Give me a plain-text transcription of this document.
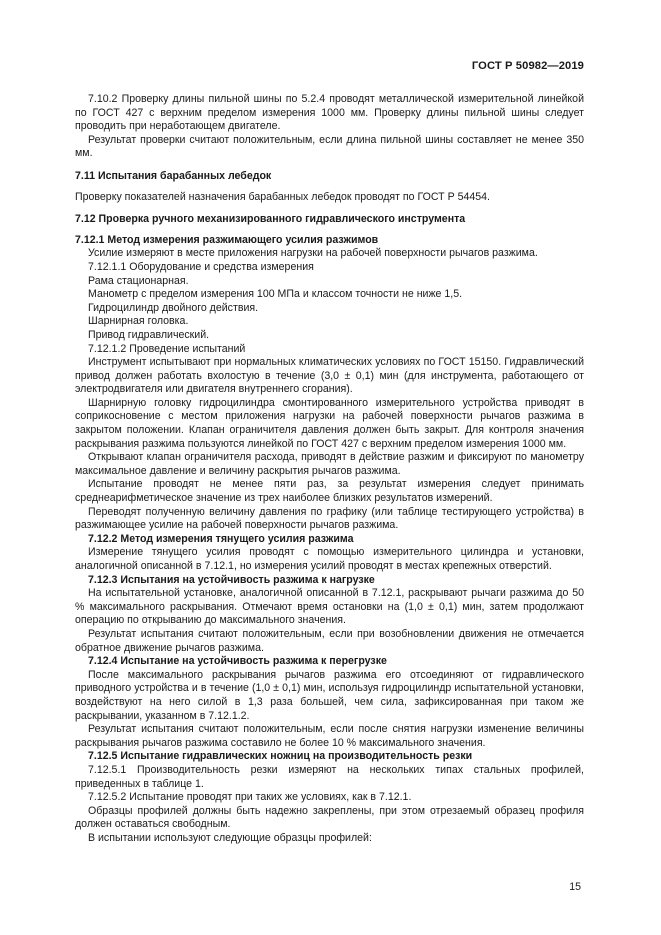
ГОСТ Р 50982—2019

7.10.2 Проверку длины пильной шины по 5.2.4 проводят металлической измерительной линейкой по ГОСТ 427 с верхним пределом измерения 1000 мм. Проверку длины пильной шины следует проводить при неработающем двигателе.

Результат проверки считают положительным, если длина пильной шины составляет не менее 350 мм.

7.11 Испытания барабанных лебедок

Проверку показателей назначения барабанных лебедок проводят по ГОСТ Р 54454.

7.12 Проверка ручного механизированного гидравлического инструмента

7.12.1 Метод измерения разжимающего усилия разжимов

Усилие измеряют в месте приложения нагрузки на рабочей поверхности рычагов разжима.

7.12.1.1 Оборудование и средства измерения

Рама стационарная.

Манометр с пределом измерения 100 МПа и классом точности не ниже 1,5.

Гидроцилиндр двойного действия.

Шарнирная головка.

Привод гидравлический.

7.12.1.2 Проведение испытаний

Инструмент испытывают при нормальных климатических условиях по ГОСТ 15150. Гидравлический привод должен работать вхолостую в течение (3,0 ± 0,1) мин (для инструмента, работающего от электродвигателя или двигателя внутреннего сгорания).

Шарнирную головку гидроцилиндра смонтированного измерительного устройства приводят в соприкосновение с местом приложения нагрузки на рабочей поверхности рычагов разжима в закрытом положении. Клапан ограничителя давления должен быть закрыт. Для контроля значения раскрывания разжима пользуются линейкой по ГОСТ 427 с верхним пределом измерения 1000 мм.

Открывают клапан ограничителя расхода, приводят в действие разжим и фиксируют по манометру максимальное давление и величину раскрытия рычагов разжима.

Испытание проводят не менее пяти раз, за результат измерения следует принимать среднеарифметическое значение из трех наиболее близких результатов измерений.

Переводят полученную величину давления по графику (или таблице тестирующего устройства) в разжимающее усилие на рабочей поверхности рычагов разжима.

7.12.2 Метод измерения тянущего усилия разжима

Измерение тянущего усилия проводят с помощью измерительного цилиндра и установки, аналогичной описанной в 7.12.1, но измерения усилий проводят в местах крепежных отверстий.

7.12.3 Испытания на устойчивость разжима к нагрузке

На испытательной установке, аналогичной описанной в 7.12.1, раскрывают рычаги разжима до 50 % максимального раскрывания. Отмечают время остановки на (1,0 ± 0,1) мин, затем продолжают операцию по открыванию до максимального значения.

Результат испытания считают положительным, если при возобновлении движения не отмечается обратное движение рычагов разжима.

7.12.4 Испытание на устойчивость разжима к перегрузке

После максимального раскрывания рычагов разжима его отсоединяют от гидравлического приводного устройства и в течение (1,0 ± 0,1) мин, используя гидроцилиндр испытательной установки, воздействуют на него силой в 1,3 раза большей, чем сила, зафиксированная при таком же раскрывании, указанном в 7.12.1.2.

Результат испытания считают положительным, если после снятия нагрузки изменение величины раскрывания рычагов разжима составило не более 10 % максимального значения.

7.12.5 Испытание гидравлических ножниц на производительность резки

7.12.5.1 Производительность резки измеряют на нескольких типах стальных профилей, приведенных в таблице 1.

7.12.5.2 Испытание проводят при таких же условиях, как в 7.12.1.

Образцы профилей должны быть надежно закреплены, при этом отрезаемый образец профиля должен оставаться свободным.

В испытании используют следующие образцы профилей:

15
